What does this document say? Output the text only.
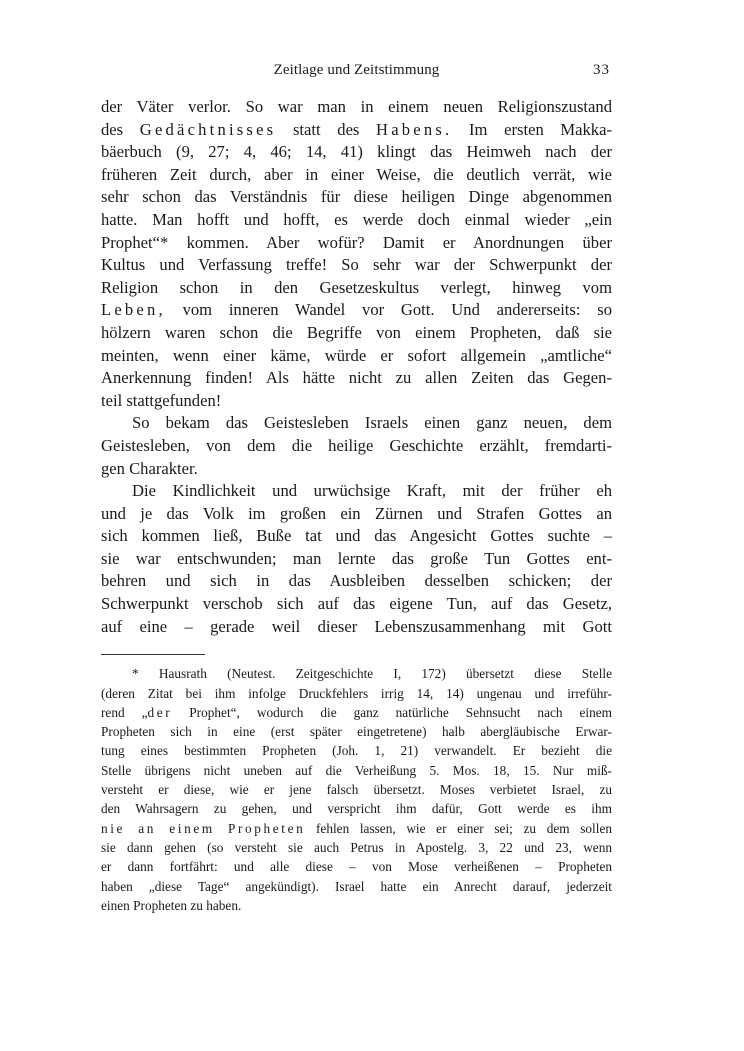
Zeitlage und Zeitstimmung	33
der Väter verlor. So war man in einem neuen Religionszustand
des Gedächtnisses statt des Habens. Im ersten Makka-
bäerbuch (9, 27; 4, 46; 14, 41) klingt das Heimweh nach der
früheren Zeit durch, aber in einer Weise, die deutlich verrät, wie
sehr schon das Verständnis für diese heiligen Dinge abgenommen
hatte. Man hofft und hofft, es werde doch einmal wieder „ein
Prophet“* kommen. Aber wofür? Damit er Anordnungen über
Kultus und Verfassung treffe! So sehr war der Schwerpunkt der
Religion schon in den Gesetzeskultus verlegt, hinweg vom
Leben, vom inneren Wandel vor Gott. Und andererseits: so
hölzern waren schon die Begriffe von einem Propheten, daß sie
meinten, wenn einer käme, würde er sofort allgemein „amtliche“
Anerkennung finden! Als hätte nicht zu allen Zeiten das Gegen-
teil stattgefunden!
So bekam das Geistesleben Israels einen ganz neuen, dem
Geistesleben, von dem die heilige Geschichte erzählt, fremdarti-
gen Charakter.
Die Kindlichkeit und urwüchsige Kraft, mit der früher eh
und je das Volk im großen ein Zürnen und Strafen Gottes an
sich kommen ließ, Buße tat und das Angesicht Gottes suchte –
sie war entschwunden; man lernte das große Tun Gottes ent-
behren und sich in das Ausbleiben desselben schicken; der
Schwerpunkt verschob sich auf das eigene Tun, auf das Gesetz,
auf eine – gerade weil dieser Lebenszusammenhang mit Gott
* Hausrath (Neutest. Zeitgeschichte I, 172) übersetzt diese Stelle
(deren Zitat bei ihm infolge Druckfehlers irrig 14, 14) ungenau und irreführ-
rend „der Prophet“, wodurch die ganz natürliche Sehnsucht nach einem
Propheten sich in eine (erst später eingetretene) halb abergläubische Erwar-
tung eines bestimmten Propheten (Joh. 1, 21) verwandelt. Er bezieht die
Stelle übrigens nicht uneben auf die Verheißung 5. Mos. 18, 15. Nur miß-
versteht er diese, wie er jene falsch übersetzt. Moses verbietet Israel, zu
den Wahrsagern zu gehen, und verspricht ihm dafür, Gott werde es ihm
nie an einem Propheten fehlen lassen, wie er einer sei; zu dem sollen
sie dann gehen (so versteht sie auch Petrus in Apostelg. 3, 22 und 23, wenn
er dann fortfährt: und alle diese – von Mose verheißenen – Propheten
haben „diese Tage“ angekündigt). Israel hatte ein Anrecht darauf, jederzeit
einen Propheten zu haben.
